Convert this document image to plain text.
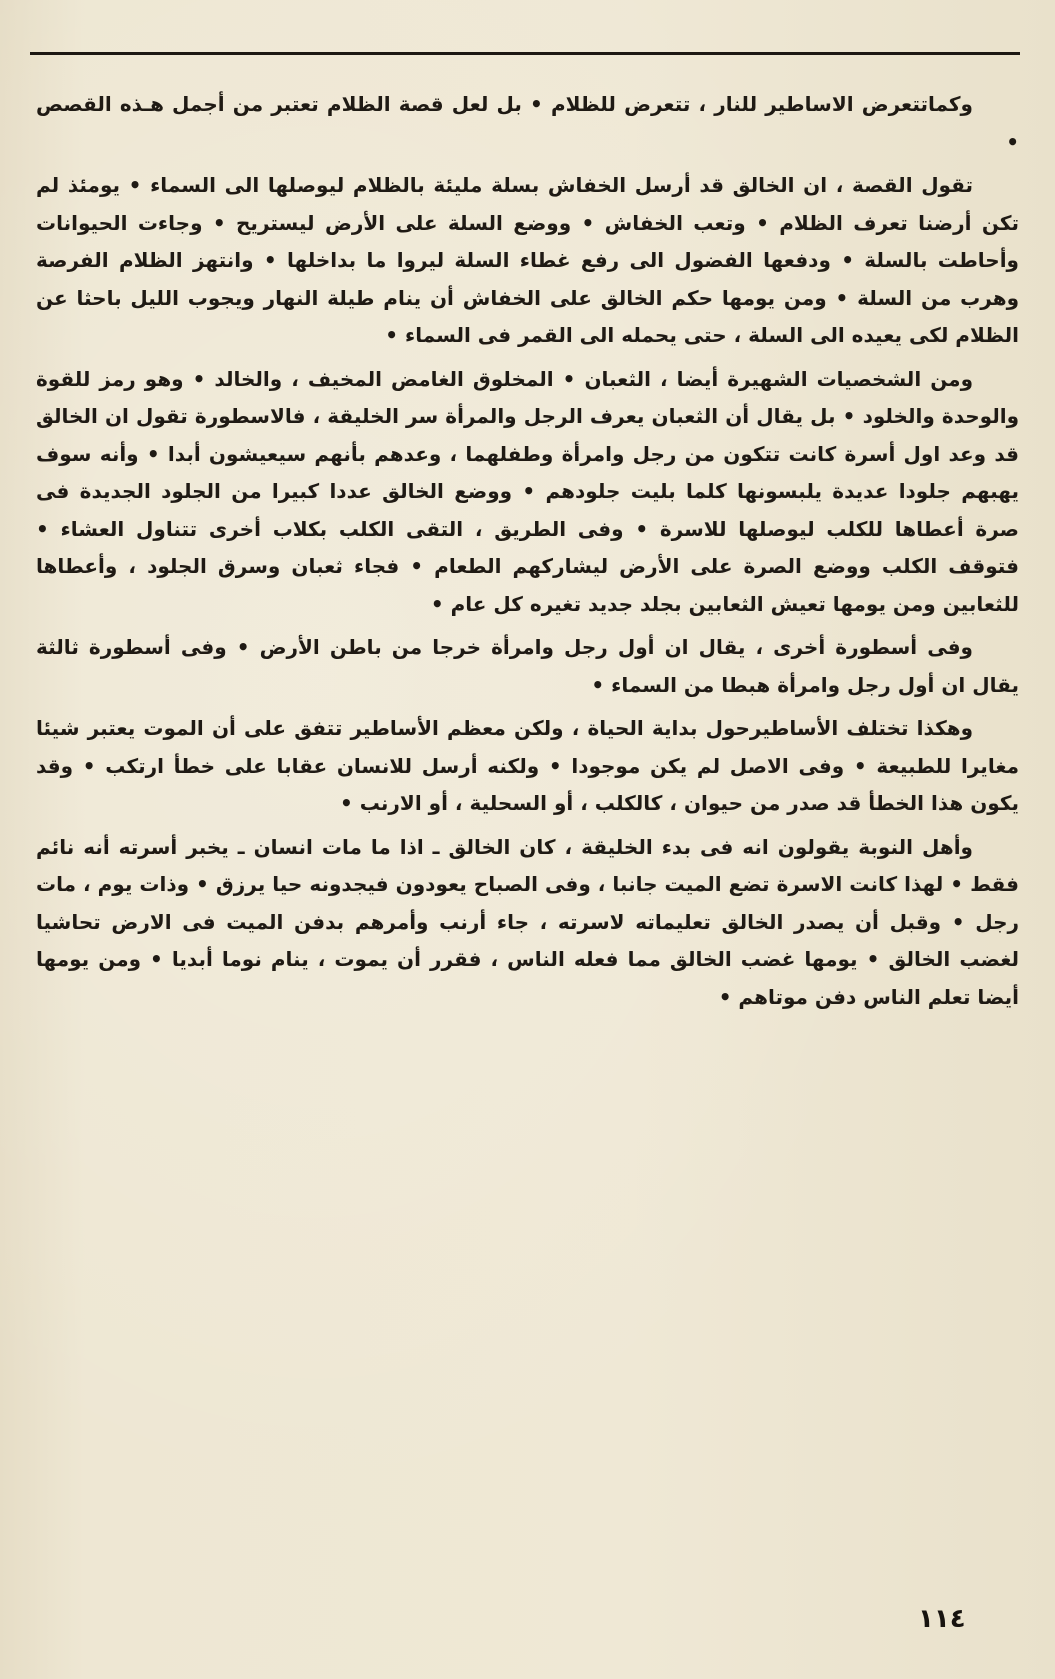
وكماتتعرض الاساطير للنار ، تتعرض للظلام • بل لعل قصة الظلام تعتبر من أجمل هـذه القصص •

تقول القصة ، ان الخالق قد أرسل الخفاش بسلة مليئة بالظلام ليوصلها الى السماء • يومئذ لم تكن أرضنا تعرف الظلام • وتعب الخفاش • ووضع السلة على الأرض ليستريح • وجاءت الحيوانات وأحاطت بالسلة • ودفعها الفضول الى رفع غطاء السلة ليروا ما بداخلها • وانتهز الظلام الفرصة وهرب من السلة • ومن يومها حكم الخالق على الخفاش أن ينام طيلة النهار ويجوب الليل باحثا عن الظلام لكى يعيده الى السلة ، حتى يحمله الى القمر فى السماء •

ومن الشخصيات الشهيرة أيضا ، الثعبان • المخلوق الغامض المخيف ، والخالد • وهو رمز للقوة والوحدة والخلود • بل يقال أن الثعبان يعرف الرجل والمرأة سر الخليقة ، فالاسطورة تقول ان الخالق قد وعد اول أسرة كانت تتكون من رجل وامرأة وطفلهما ، وعدهم بأنهم سيعيشون أبدا • وأنه سوف يهبهم جلودا عديدة يلبسونها كلما بليت جلودهم • ووضع الخالق عددا كبيرا من الجلود الجديدة فى صرة أعطاها للكلب ليوصلها للاسرة • وفى الطريق ، التقى الكلب بكلاب أخرى تتناول العشاء • فتوقف الكلب ووضع الصرة على الأرض ليشاركهم الطعام • فجاء ثعبان وسرق الجلود ، وأعطاها للثعابين ومن يومها تعيش الثعابين بجلد جديد تغيره كل عام •

وفى أسطورة أخرى ، يقال ان أول رجل وامرأة خرجا من باطن الأرض • وفى أسطورة ثالثة يقال ان أول رجل وامرأة هبطا من السماء •

وهكذا تختلف الأساطيرحول بداية الحياة ، ولكن معظم الأساطير تتفق على أن الموت يعتبر شيئا مغايرا للطبيعة • وفى الاصل لم يكن موجودا • ولكنه أرسل للانسان عقابا على خطأ ارتكب • وقد يكون هذا الخطأ قد صدر من حيوان ، كالكلب ، أو السحلية ، أو الارنب •

وأهل النوبة يقولون انه فى بدء الخليقة ، كان الخالق ـ اذا ما مات انسان ـ يخبر أسرته أنه نائم فقط • لهذا كانت الاسرة تضع الميت جانبا ، وفى الصباح يعودون فيجدونه حيا يرزق • وذات يوم ، مات رجل • وقبل أن يصدر الخالق تعليماته لاسرته ، جاء أرنب وأمرهم بدفن الميت فى الارض تحاشيا لغضب الخالق • يومها غضب الخالق مما فعله الناس ، فقرر أن يموت ، ينام نوما أبديا • ومن يومها أيضا تعلم الناس دفن موتاهم •

١١٤
